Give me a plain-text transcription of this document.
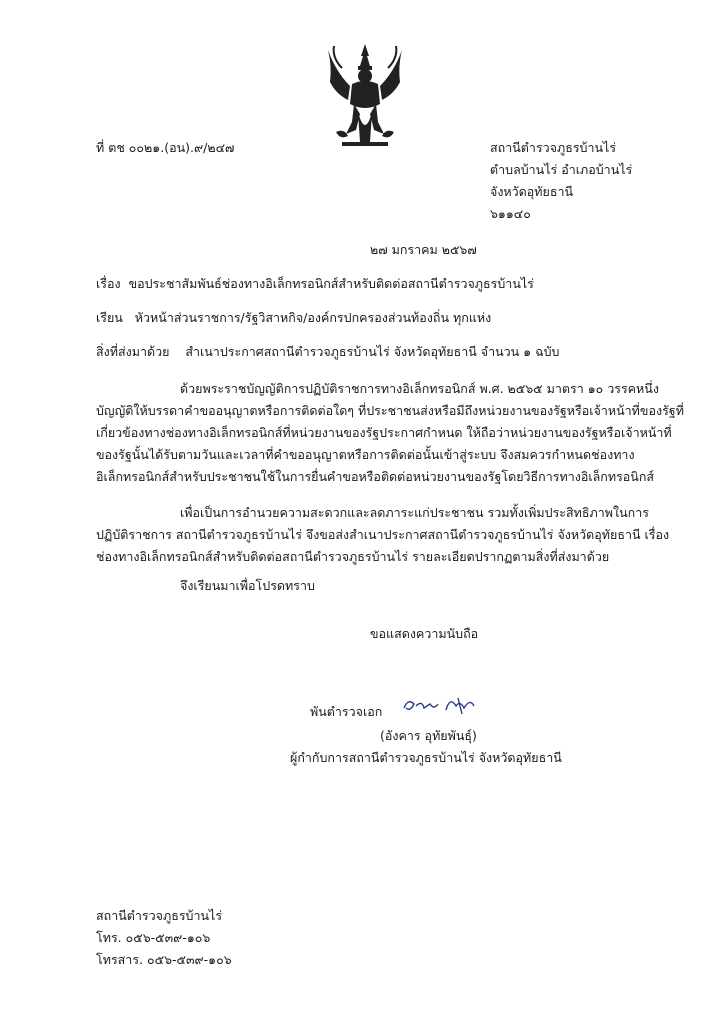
ที่ ตช ๐๐๒๑.(อน).๙/๒๔๗	สถานีตำรวจภูธรบ้านไร่
ตำบลบ้านไร่ อำเภอบ้านไร่
จังหวัดอุทัยธานี
๖๑๑๔๐
๒๗ มกราคม ๒๕๖๗
เรื่อง ขอประชาสัมพันธ์ช่องทางอิเล็กทรอนิกส์สำหรับติดต่อสถานีตำรวจภูธรบ้านไร่
เรียน หัวหน้าส่วนราชการ/รัฐวิสาหกิจ/องค์กรปกครองส่วนท้องถิ่น ทุกแห่ง
สิ่งที่ส่งมาด้วย สำเนาประกาศสถานีตำรวจภูธรบ้านไร่ จังหวัดอุทัยธานี จำนวน ๑ ฉบับ
ด้วยพระราชบัญญัติการปฏิบัติราชการทางอิเล็กทรอนิกส์ พ.ศ. ๒๕๖๕ มาตรา ๑๐ วรรคหนึ่ง
บัญญัติให้บรรดาคำขออนุญาตหรือการติดต่อใดๆ ที่ประชาชนส่งหรือมีถึงหน่วยงานของรัฐหรือเจ้าหน้าที่ของรัฐที่
เกี่ยวข้องทางช่องทางอิเล็กทรอนิกส์ที่หน่วยงานของรัฐประกาศกำหนด ให้ถือว่าหน่วยงานของรัฐหรือเจ้าหน้าที่
ของรัฐนั้นได้รับตามวันและเวลาที่คำขออนุญาตหรือการติดต่อนั้นเข้าสู่ระบบ จึงสมควรกำหนดช่องทาง
อิเล็กทรอนิกส์สำหรับประชาชนใช้ในการยื่นคำขอหรือติดต่อหน่วยงานของรัฐโดยวิธีการทางอิเล็กทรอนิกส์
เพื่อเป็นการอำนวยความสะดวกและลดภาระแก่ประชาชน รวมทั้งเพิ่มประสิทธิภาพในการ
ปฏิบัติราชการ สถานีตำรวจภูธรบ้านไร่ จึงขอส่งสำเนาประกาศสถานีตำรวจภูธรบ้านไร่ จังหวัดอุทัยธานี เรื่อง
ช่องทางอิเล็กทรอนิกส์สำหรับติดต่อสถานีตำรวจภูธรบ้านไร่ รายละเอียดปรากฏตามสิ่งที่ส่งมาด้วย
จึงเรียนมาเพื่อโปรดทราบ
ขอแสดงความนับถือ
พันตำรวจเอก
(อังคาร อุทัยพันธุ์)
ผู้กำกับการสถานีตำรวจภูธรบ้านไร่ จังหวัดอุทัยธานี
สถานีตำรวจภูธรบ้านไร่
โทร. ๐๕๖-๕๓๙-๑๐๖
โทรสาร. ๐๕๖-๕๓๙-๑๐๖
